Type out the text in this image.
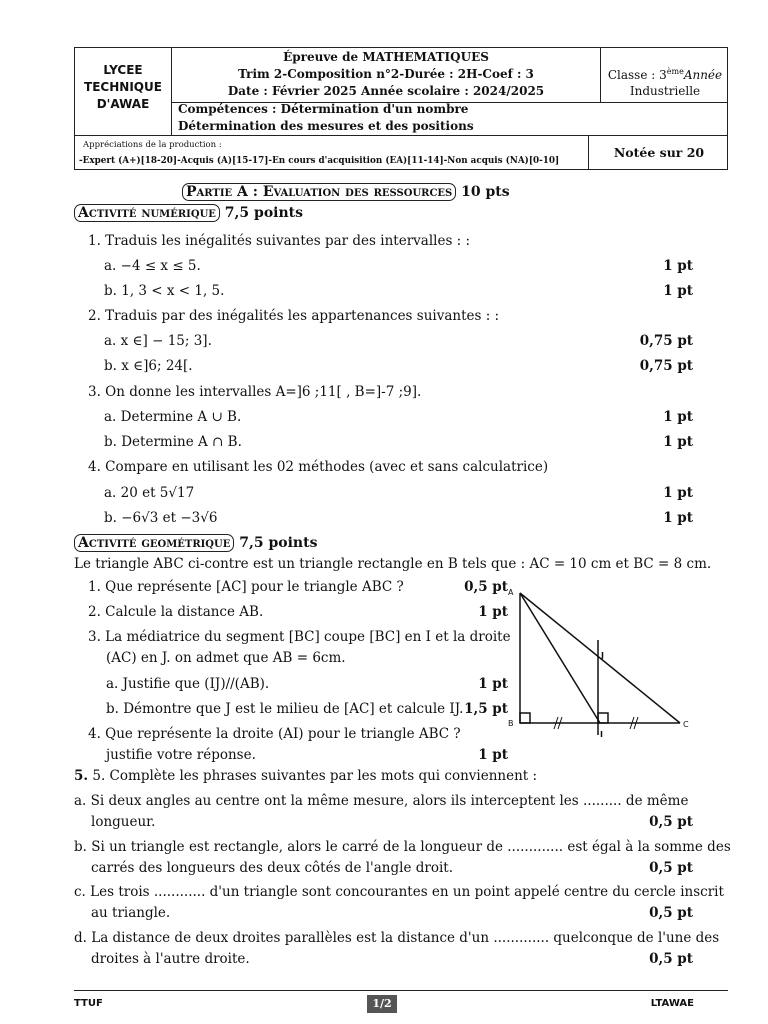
LYCEE
TECHNIQUE
D'AWAE
Épreuve de MATHEMATIQUES
Trim 2-Composition n°2-Durée : 2H-Coef : 3
Date : Février 2025 Année scolaire : 2024/2025
Classe : 3èmeAnnée
Industrielle
Compétences : Détermination d'un nombre
Détermination des mesures et des positions
Appréciations de la production :
-Expert (A+)[18-20]-Acquis (A)[15-17]-En cours d'acquisition (EA)[11-14]-Non acquis (NA)[0-10]
Notée sur 20
Partie A : Evaluation des ressources 10 pts
Activité numérique 7,5 points
1. Traduis les inégalités suivantes par des intervalles : :
a. −4 ≤ x ≤ 5.	1 pt
b. 1, 3 < x < 1, 5.	1 pt
2. Traduis par des inégalités les appartenances suivantes : :
a. x ∈] − 15; 3].	0,75 pt
b. x ∈]6; 24[.	0,75 pt
3. On donne les intervalles A=]6 ;11[ , B=]-7 ;9].
a. Determine A ∪ B.	1 pt
b. Determine A ∩ B.	1 pt
4. Compare en utilisant les 02 méthodes (avec et sans calculatrice)
a. 20 et 5√17	1 pt
b. −6√3 et −3√6	1 pt
Activité geométrique 7,5 points
Le triangle ABC ci-contre est un triangle rectangle en B tels que : AC = 10 cm et BC = 8 cm.
1. Que représente [AC] pour le triangle ABC ?	0,5 pt
2. Calcule la distance AB.	1 pt
3. La médiatrice du segment [BC] coupe [BC] en I et la droite
(AC) en J. on admet que AB = 6cm.
a. Justifie que (IJ)//(AB).	1 pt
b. Démontre que J est le milieu de [AC] et calcule IJ. 1,5 pt
4. Que représente la droite (AI) pour le triangle ABC ?
justifie votre réponse.	1 pt
A
B	C
I
J
5. 5. Complète les phrases suivantes par les mots qui conviennent :
a. Si deux angles au centre ont la même mesure, alors ils interceptent les ......... de même
longueur.	0,5 pt
b. Si un triangle est rectangle, alors le carré de la longueur de ............. est égal à la somme des
carrés des longueurs des deux côtés de l'angle droit.	0,5 pt
c. Les trois ............ d'un triangle sont concourantes en un point appelé centre du cercle inscrit
au triangle.	0,5 pt
d. La distance de deux droites parallèles est la distance d'un ............. quelconque de l'une des
droites à l'autre droite.	0,5 pt
TTUF	1/2	LTAWAE
